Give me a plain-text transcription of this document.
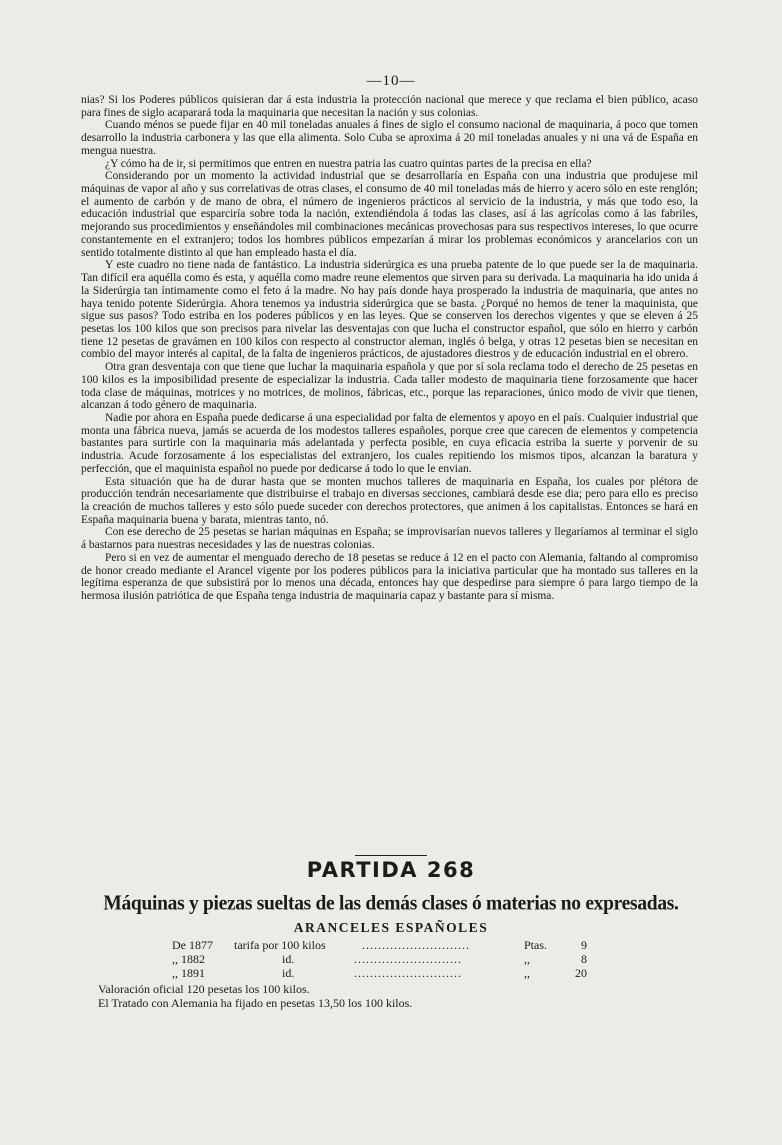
—10—

nias? Si los Poderes públicos quisieran dar á esta industria la protección nacional que merece y que reclama el bien público, acaso para fines de siglo acaparará toda la maquinaria que necesitan la nación y sus colonias.

Cuando ménos se puede fijar en 40 mil toneladas anuales á fines de siglo el consumo nacional de maquinaria, á poco que tomen desarrollo la industria carbonera y las que ella alimenta. Solo Cuba se aproxima á 20 mil toneladas anuales y ni una vá de España en mengua nuestra.

¿Y cómo ha de ir, si permitimos que entren en nuestra patria las cuatro quintas partes de la precisa en ella?

Considerando por un momento la actividad industrial que se desarrollaría en España con una industria que produjese mil máquinas de vapor al año y sus correlativas de otras clases, el consumo de 40 mil toneladas más de hierro y acero sólo en este renglón; el aumento de carbón y de mano de obra, el número de ingenieros prácticos al servicio de la industria, y más que todo eso, la educación industrial que esparciría sobre toda la nación, extendiéndola á todas las clases, así á las agrícolas como á las fabriles, mejorando sus procedimientos y enseñándoles mil combinaciones mecánicas provechosas para sus respectivos intereses, lo que ocurre constantemente en el extranjero; todos los hombres públicos empezarían á mirar los problemas económicos y arancelarios con un sentido totalmente distinto al que han empleado hasta el día.

Y este cuadro no tiene nada de fantástico. La industria siderúrgica es una prueba patente de lo que puede ser la de maquinaria. Tan difícil era aquélla como és esta, y aquélla como madre reune elementos que sirven para su derivada. La maquinaria ha ido unida á la Siderúrgia tan íntimamente como el feto á la madre. No hay país donde haya prosperado la industria de maquinaria, que antes no haya tenido potente Siderúrgia. Ahora tenemos ya industria siderúrgica que se basta. ¿Porqué no hemos de tener la maquinista, que sigue sus pasos? Todo estriba en los poderes públicos y en las leyes. Que se conserven los derechos vigentes y que se eleven á 25 pesetas los 100 kilos que son precisos para nivelar las desventajas con que lucha el constructor español, que sólo en hierro y carbón tiene 12 pesetas de gravámen en 100 kilos con respecto al constructor aleman, inglés ó belga, y otras 12 pesetas bien se necesitan en combio del mayor interés al capital, de la falta de ingenieros prácticos, de ajustadores diestros y de educación industrial en el obrero.

Otra gran desventaja con que tiene que luchar la maquinaria española y que por sí sola reclama todo el derecho de 25 pesetas en 100 kilos es la imposibilidad presente de especializar la industria. Cada taller modesto de maquinaria tiene forzosamente que hacer toda clase de máquinas, motrices y no motrices, de molinos, fábricas, etc., porque las reparaciones, único modo de vivir que tienen, alcanzan á todo género de maquinaria.

Nadie por ahora en España puede dedicarse á una especialidad por falta de elementos y apoyo en el país. Cualquier industrial que monta una fábrica nueva, jamás se acuerda de los modestos talleres españoles, porque cree que carecen de elementos y competencia bastantes para surtirle con la maquinaria más adelantada y perfecta posible, en cuya eficacia estriba la suerte y porvenir de su industria. Acude forzosamente á los especialistas del extranjero, los cuales repitiendo los mismos tipos, alcanzan la baratura y perfección, que el maquinista español no puede por dedicarse á todo lo que le envian.

Esta situación que ha de durar hasta que se monten muchos talleres de maquinaria en España, los cuales por plétora de producción tendrán necesariamente que distribuirse el trabajo en diversas secciones, cambiará desde ese dia; pero para ello es preciso la creación de muchos talleres y esto sólo puede suceder con derechos protectores, que animen á los capitalistas. Entonces se hará en España maquinaria buena y barata, mientras tanto, nó.

Con ese derecho de 25 pesetas se harian máquinas en España; se improvisarían nuevos talleres y llegaríamos al terminar el siglo á bastarnos para nuestras necesidades y las de nuestras colonias.

Pero si en vez de aumentar el menguado derecho de 18 pesetas se reduce á 12 en el pacto con Alemania, faltando al compromiso de honor creado mediante el Arancel vigente por los poderes públicos para la iniciativa particular que ha montado sus talleres en la legítima esperanza de que subsistirá por lo menos una década, entonces hay que despedirse para siempre ó para largo tiempo de la hermosa ilusión patriótica de que España tenga industria de maquinaria capaz y bastante para sí misma.

PARTIDA 268
Máquinas y piezas sueltas de las demás clases ó materias no expresadas.
ARANCELES ESPAÑOLES
De 1877 tarifa por 100 kilos	...........................	Ptas.	9
,, 1882	id.	...........................	,,	8
,, 1891	id.	...........................	,,	20
Valoración oficial 120 pesetas los 100 kilos.
El Tratado con Alemania ha fijado en pesetas 13,50 los 100 kilos.
